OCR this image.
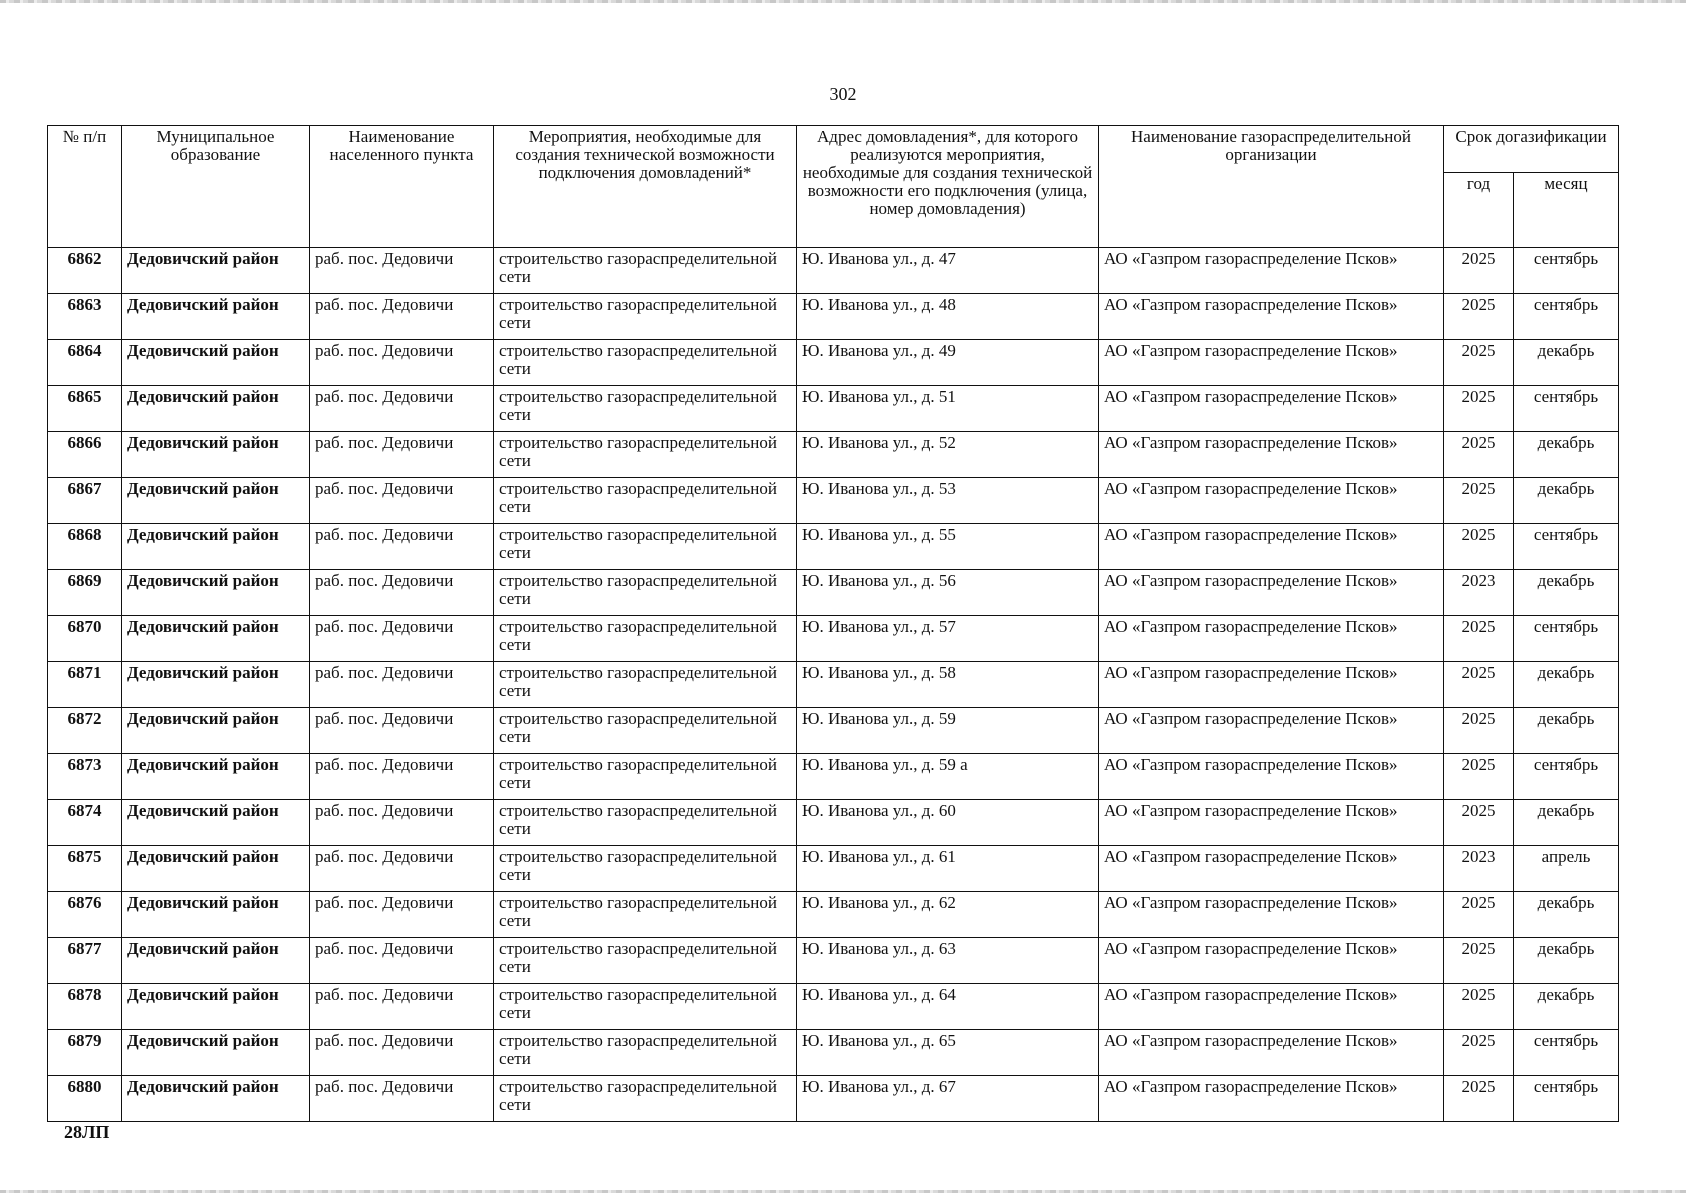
302
№ п/п	Муниципальное образование	Наименование населенного пункта	Мероприятия, необходимые для создания технической возможности подключения домовладений*	Адрес домовладения*, для которого реализуются мероприятия, необходимые для создания технической возможности его подключения (улица, номер домовладения)	Наименование газораспределительной организации	Срок догазификации	
						год	месяц
6862	Дедовичский район	раб. пос. Дедовичи	строительство газораспределительной сети	Ю. Иванова ул., д. 47	АО «Газпром газораспределение Псков»	2025	сентябрь
6863	Дедовичский район	раб. пос. Дедовичи	строительство газораспределительной сети	Ю. Иванова ул., д. 48	АО «Газпром газораспределение Псков»	2025	сентябрь
6864	Дедовичский район	раб. пос. Дедовичи	строительство газораспределительной сети	Ю. Иванова ул., д. 49	АО «Газпром газораспределение Псков»	2025	декабрь
6865	Дедовичский район	раб. пос. Дедовичи	строительство газораспределительной сети	Ю. Иванова ул., д. 51	АО «Газпром газораспределение Псков»	2025	сентябрь
6866	Дедовичский район	раб. пос. Дедовичи	строительство газораспределительной сети	Ю. Иванова ул., д. 52	АО «Газпром газораспределение Псков»	2025	декабрь
6867	Дедовичский район	раб. пос. Дедовичи	строительство газораспределительной сети	Ю. Иванова ул., д. 53	АО «Газпром газораспределение Псков»	2025	декабрь
6868	Дедовичский район	раб. пос. Дедовичи	строительство газораспределительной сети	Ю. Иванова ул., д. 55	АО «Газпром газораспределение Псков»	2025	сентябрь
6869	Дедовичский район	раб. пос. Дедовичи	строительство газораспределительной сети	Ю. Иванова ул., д. 56	АО «Газпром газораспределение Псков»	2023	декабрь
6870	Дедовичский район	раб. пос. Дедовичи	строительство газораспределительной сети	Ю. Иванова ул., д. 57	АО «Газпром газораспределение Псков»	2025	сентябрь
6871	Дедовичский район	раб. пос. Дедовичи	строительство газораспределительной сети	Ю. Иванова ул., д. 58	АО «Газпром газораспределение Псков»	2025	декабрь
6872	Дедовичский район	раб. пос. Дедовичи	строительство газораспределительной сети	Ю. Иванова ул., д. 59	АО «Газпром газораспределение Псков»	2025	декабрь
6873	Дедовичский район	раб. пос. Дедовичи	строительство газораспределительной сети	Ю. Иванова ул., д. 59 а	АО «Газпром газораспределение Псков»	2025	сентябрь
6874	Дедовичский район	раб. пос. Дедовичи	строительство газораспределительной сети	Ю. Иванова ул., д. 60	АО «Газпром газораспределение Псков»	2025	декабрь
6875	Дедовичский район	раб. пос. Дедовичи	строительство газораспределительной сети	Ю. Иванова ул., д. 61	АО «Газпром газораспределение Псков»	2023	апрель
6876	Дедовичский район	раб. пос. Дедовичи	строительство газораспределительной сети	Ю. Иванова ул., д. 62	АО «Газпром газораспределение Псков»	2025	декабрь
6877	Дедовичский район	раб. пос. Дедовичи	строительство газораспределительной сети	Ю. Иванова ул., д. 63	АО «Газпром газораспределение Псков»	2025	декабрь
6878	Дедовичский район	раб. пос. Дедовичи	строительство газораспределительной сети	Ю. Иванова ул., д. 64	АО «Газпром газораспределение Псков»	2025	декабрь
6879	Дедовичский район	раб. пос. Дедовичи	строительство газораспределительной сети	Ю. Иванова ул., д. 65	АО «Газпром газораспределение Псков»	2025	сентябрь
6880	Дедовичский район	раб. пос. Дедовичи	строительство газораспределительной сети	Ю. Иванова ул., д. 67	АО «Газпром газораспределение Псков»	2025	сентябрь
28ЛП
